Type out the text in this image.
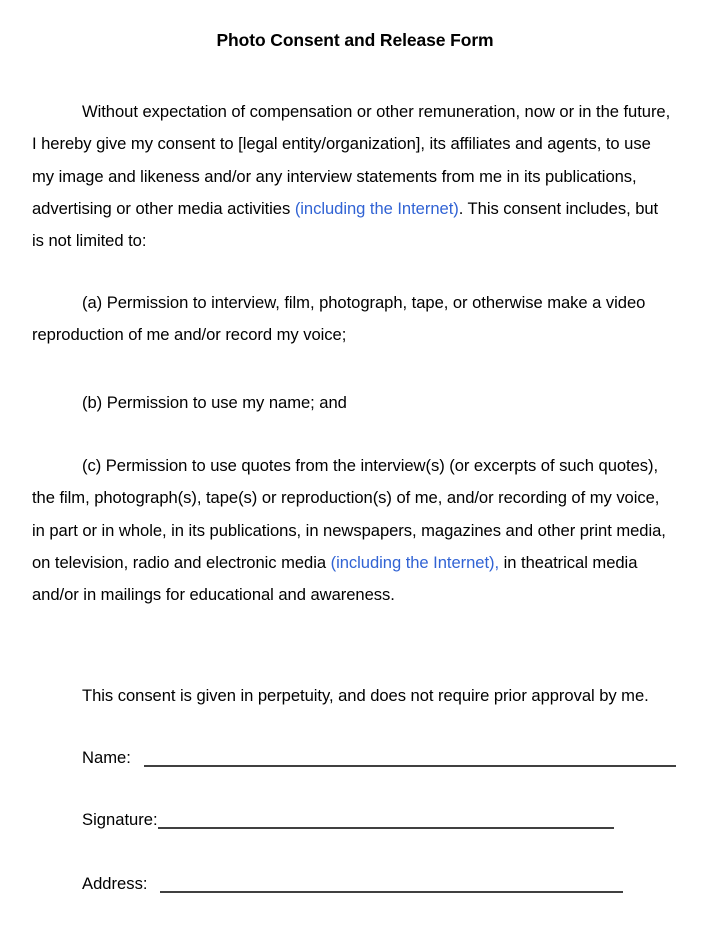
Photo Consent and Release Form

Without expectation of compensation or other remuneration, now or in the future, I hereby give my consent to [legal entity/organization], its affiliates and agents, to use my image and likeness and/or any interview statements from me in its publications, advertising or other media activities (including the Internet). This consent includes, but is not limited to:

(a) Permission to interview, film, photograph, tape, or otherwise make a video reproduction of me and/or record my voice;

(b) Permission to use my name; and

(c) Permission to use quotes from the interview(s) (or excerpts of such quotes), the film, photograph(s), tape(s) or reproduction(s) of me, and/or recording of my voice, in part or in whole, in its publications, in newspapers, magazines and other print media, on television, radio and electronic media (including the Internet), in theatrical media and/or in mailings for educational and awareness.

This consent is given in perpetuity, and does not require prior approval by me.

Name:
Signature:
Address:
